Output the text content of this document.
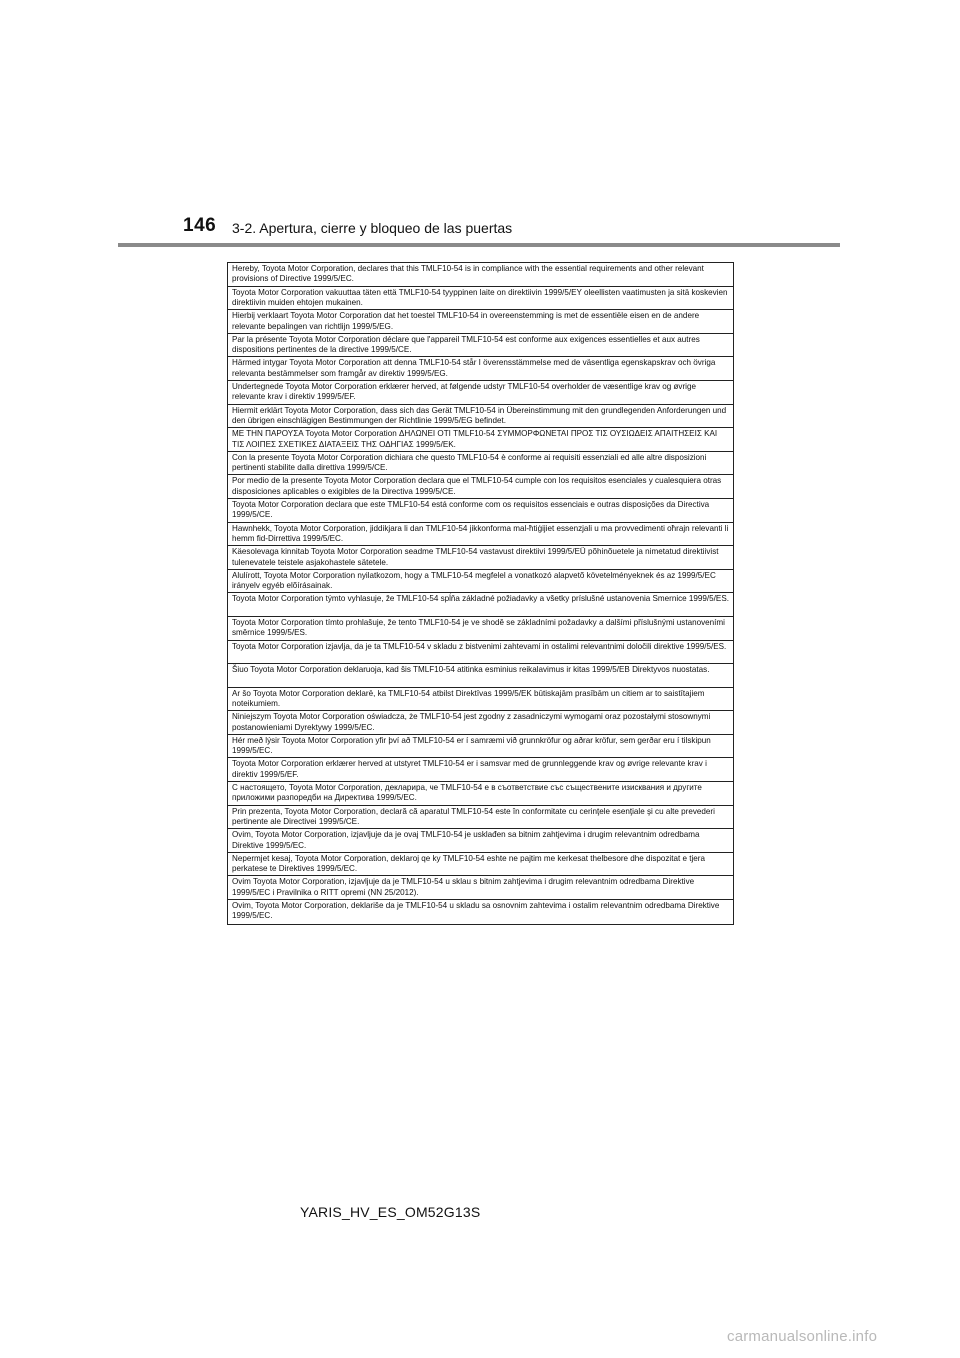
146 3-2. Apertura, cierre y bloqueo de las puertas
Hereby, Toyota Motor Corporation, declares that this TMLF10-54 is in compliance with the essential requirements and other relevant provisions of Directive 1999/5/EC.
Toyota Motor Corporation vakuuttaa täten että TMLF10-54 tyyppinen laite on direktiivin 1999/5/EY oleellisten vaatimusten ja sitä koskevien direktiivin muiden ehtojen mukainen.
Hierbij verklaart Toyota Motor Corporation dat het toestel TMLF10-54 in overeenstemming is met de essentiële eisen en de andere relevante bepalingen van richtlijn 1999/5/EG.
Par la présente Toyota Motor Corporation déclare que l'appareil TMLF10-54 est conforme aux exigences essentielles et aux autres dispositions pertinentes de la directive 1999/5/CE.
Härmed intygar Toyota Motor Corporation att denna TMLF10-54 står I överensstämmelse med de väsentliga egenskapskrav och övriga relevanta bestämmelser som framgår av direktiv 1999/5/EG.
Undertegnede Toyota Motor Corporation erklærer herved, at følgende udstyr TMLF10-54 overholder de væsentlige krav og øvrige relevante krav i direktiv 1999/5/EF.
Hiermit erklärt Toyota Motor Corporation, dass sich das Gerät TMLF10-54 in Übereinstimmung mit den grundlegenden Anforderungen und den übrigen einschlägigen Bestimmungen der Richtlinie 1999/5/EG befindet.
ΜΕ ΤΗΝ ΠΑΡΟΥΣΑ Toyota Motor Corporation ΔΗΛΩΝΕΙ ΟΤΙ TMLF10-54 ΣΥΜΜΟΡΦΩΝΕΤΑΙ ΠΡΟΣ ΤΙΣ ΟΥΣΙΩΔΕΙΣ ΑΠΑΙΤΗΣΕΙΣ ΚΑΙ ΤΙΣ ΛΟΙΠΕΣ ΣΧΕΤΙΚΕΣ ΔΙΑΤΑΞΕΙΣ ΤΗΣ ΟΔΗΓΙΑΣ 1999/5/ΕΚ.
Con la presente Toyota Motor Corporation dichiara che questo TMLF10-54 è conforme ai requisiti essenziali ed alle altre disposizioni pertinenti stabilite dalla direttiva 1999/5/CE.
Por medio de la presente Toyota Motor Corporation declara que el TMLF10-54 cumple con los requisitos esenciales y cualesquiera otras disposiciones aplicables o exigibles de la Directiva 1999/5/CE.
Toyota Motor Corporation declara que este TMLF10-54 está conforme com os requisitos essenciais e outras disposições da Directiva 1999/5/CE.
Hawnhekk, Toyota Motor Corporation, jiddikjara li dan TMLF10-54 jikkonforma mal-ħtiġijiet essenzjali u ma provvedimenti oħrajn relevanti li hemm fid-Dirrettiva 1999/5/EC.
Käesolevaga kinnitab Toyota Motor Corporation seadme TMLF10-54 vastavust direktiivi 1999/5/EÜ põhinõuetele ja nimetatud direktiivist tulenevatele teistele asjakohastele sätetele.
Alulírott, Toyota Motor Corporation nyilatkozom, hogy a TMLF10-54 megfelel a vonatkozó alapvetõ követelményeknek és az 1999/5/EC irányelv egyéb elõírásainak.
Toyota Motor Corporation týmto vyhlasuje, že TMLF10-54 spĺňa základné požiadavky a všetky príslušné ustanovenia Smernice 1999/5/ES.
Toyota Motor Corporation tímto prohlašuje, že tento TMLF10-54 je ve shodě se základními požadavky a dalšími příslušnými ustanoveními směrnice 1999/5/ES.
Toyota Motor Corporation izjavlja, da je ta TMLF10-54 v skladu z bistvenimi zahtevami in ostalimi relevantnimi določili direktive 1999/5/ES.
Šiuo Toyota Motor Corporation deklaruoja, kad šis TMLF10-54 atitinka esminius reikalavimus ir kitas 1999/5/EB Direktyvos nuostatas.
Ar šo Toyota Motor Corporation deklarē, ka TMLF10-54 atbilst Direktīvas 1999/5/EK būtiskajām prasībām un citiem ar to saistītajiem noteikumiem.
Niniejszym Toyota Motor Corporation oświadcza, że TMLF10-54 jest zgodny z zasadniczymi wymogami oraz pozostałymi stosownymi postanowieniami Dyrektywy 1999/5/EC.
Hér með lýsir Toyota Motor Corporation yfir því að TMLF10-54 er í samræmi við grunnkröfur og aðrar kröfur, sem gerðar eru í tilskipun 1999/5/EC.
Toyota Motor Corporation erklærer herved at utstyret TMLF10-54 er i samsvar med de grunnleggende krav og øvrige relevante krav i direktiv 1999/5/EF.
С настоящето, Toyota Motor Corporation, декларира, че TMLF10-54 е в съответствие със съществените изисквания и другите приложими разпоредби на Директива 1999/5/EC.
Prin prezenta, Toyota Motor Corporation, declară că aparatul TMLF10-54 este în conformitate cu cerinţele esenţiale şi cu alte prevederi pertinente ale Directivei 1999/5/CE.
Ovim, Toyota Motor Corporation, izjavljuje da je ovaj TMLF10-54 je usklađen sa bitnim zahtjevima i drugim relevantnim odredbama Direktive 1999/5/EC.
Nepermjet kesaj, Toyota Motor Corporation, deklaroj qe ky TMLF10-54 eshte ne pajtim me kerkesat thelbesore dhe dispozitat e tjera perkatese te Direktives 1999/5/EC.
Ovim Toyota Motor Corporation, izjavljuje da je TMLF10-54 u sklau s bitnim zahtjevima i drugim relevantnim odredbama Direktive 1999/5/EC i Pravilnika o RITT opremi (NN 25/2012).
Ovim, Toyota Motor Corporation, deklariše da je TMLF10-54 u skladu sa osnovnim zahtevima i ostalim relevantnim odredbama Direktive 1999/5/EC.
YARIS_HV_ES_OM52G13S
carmanualsonline.info
